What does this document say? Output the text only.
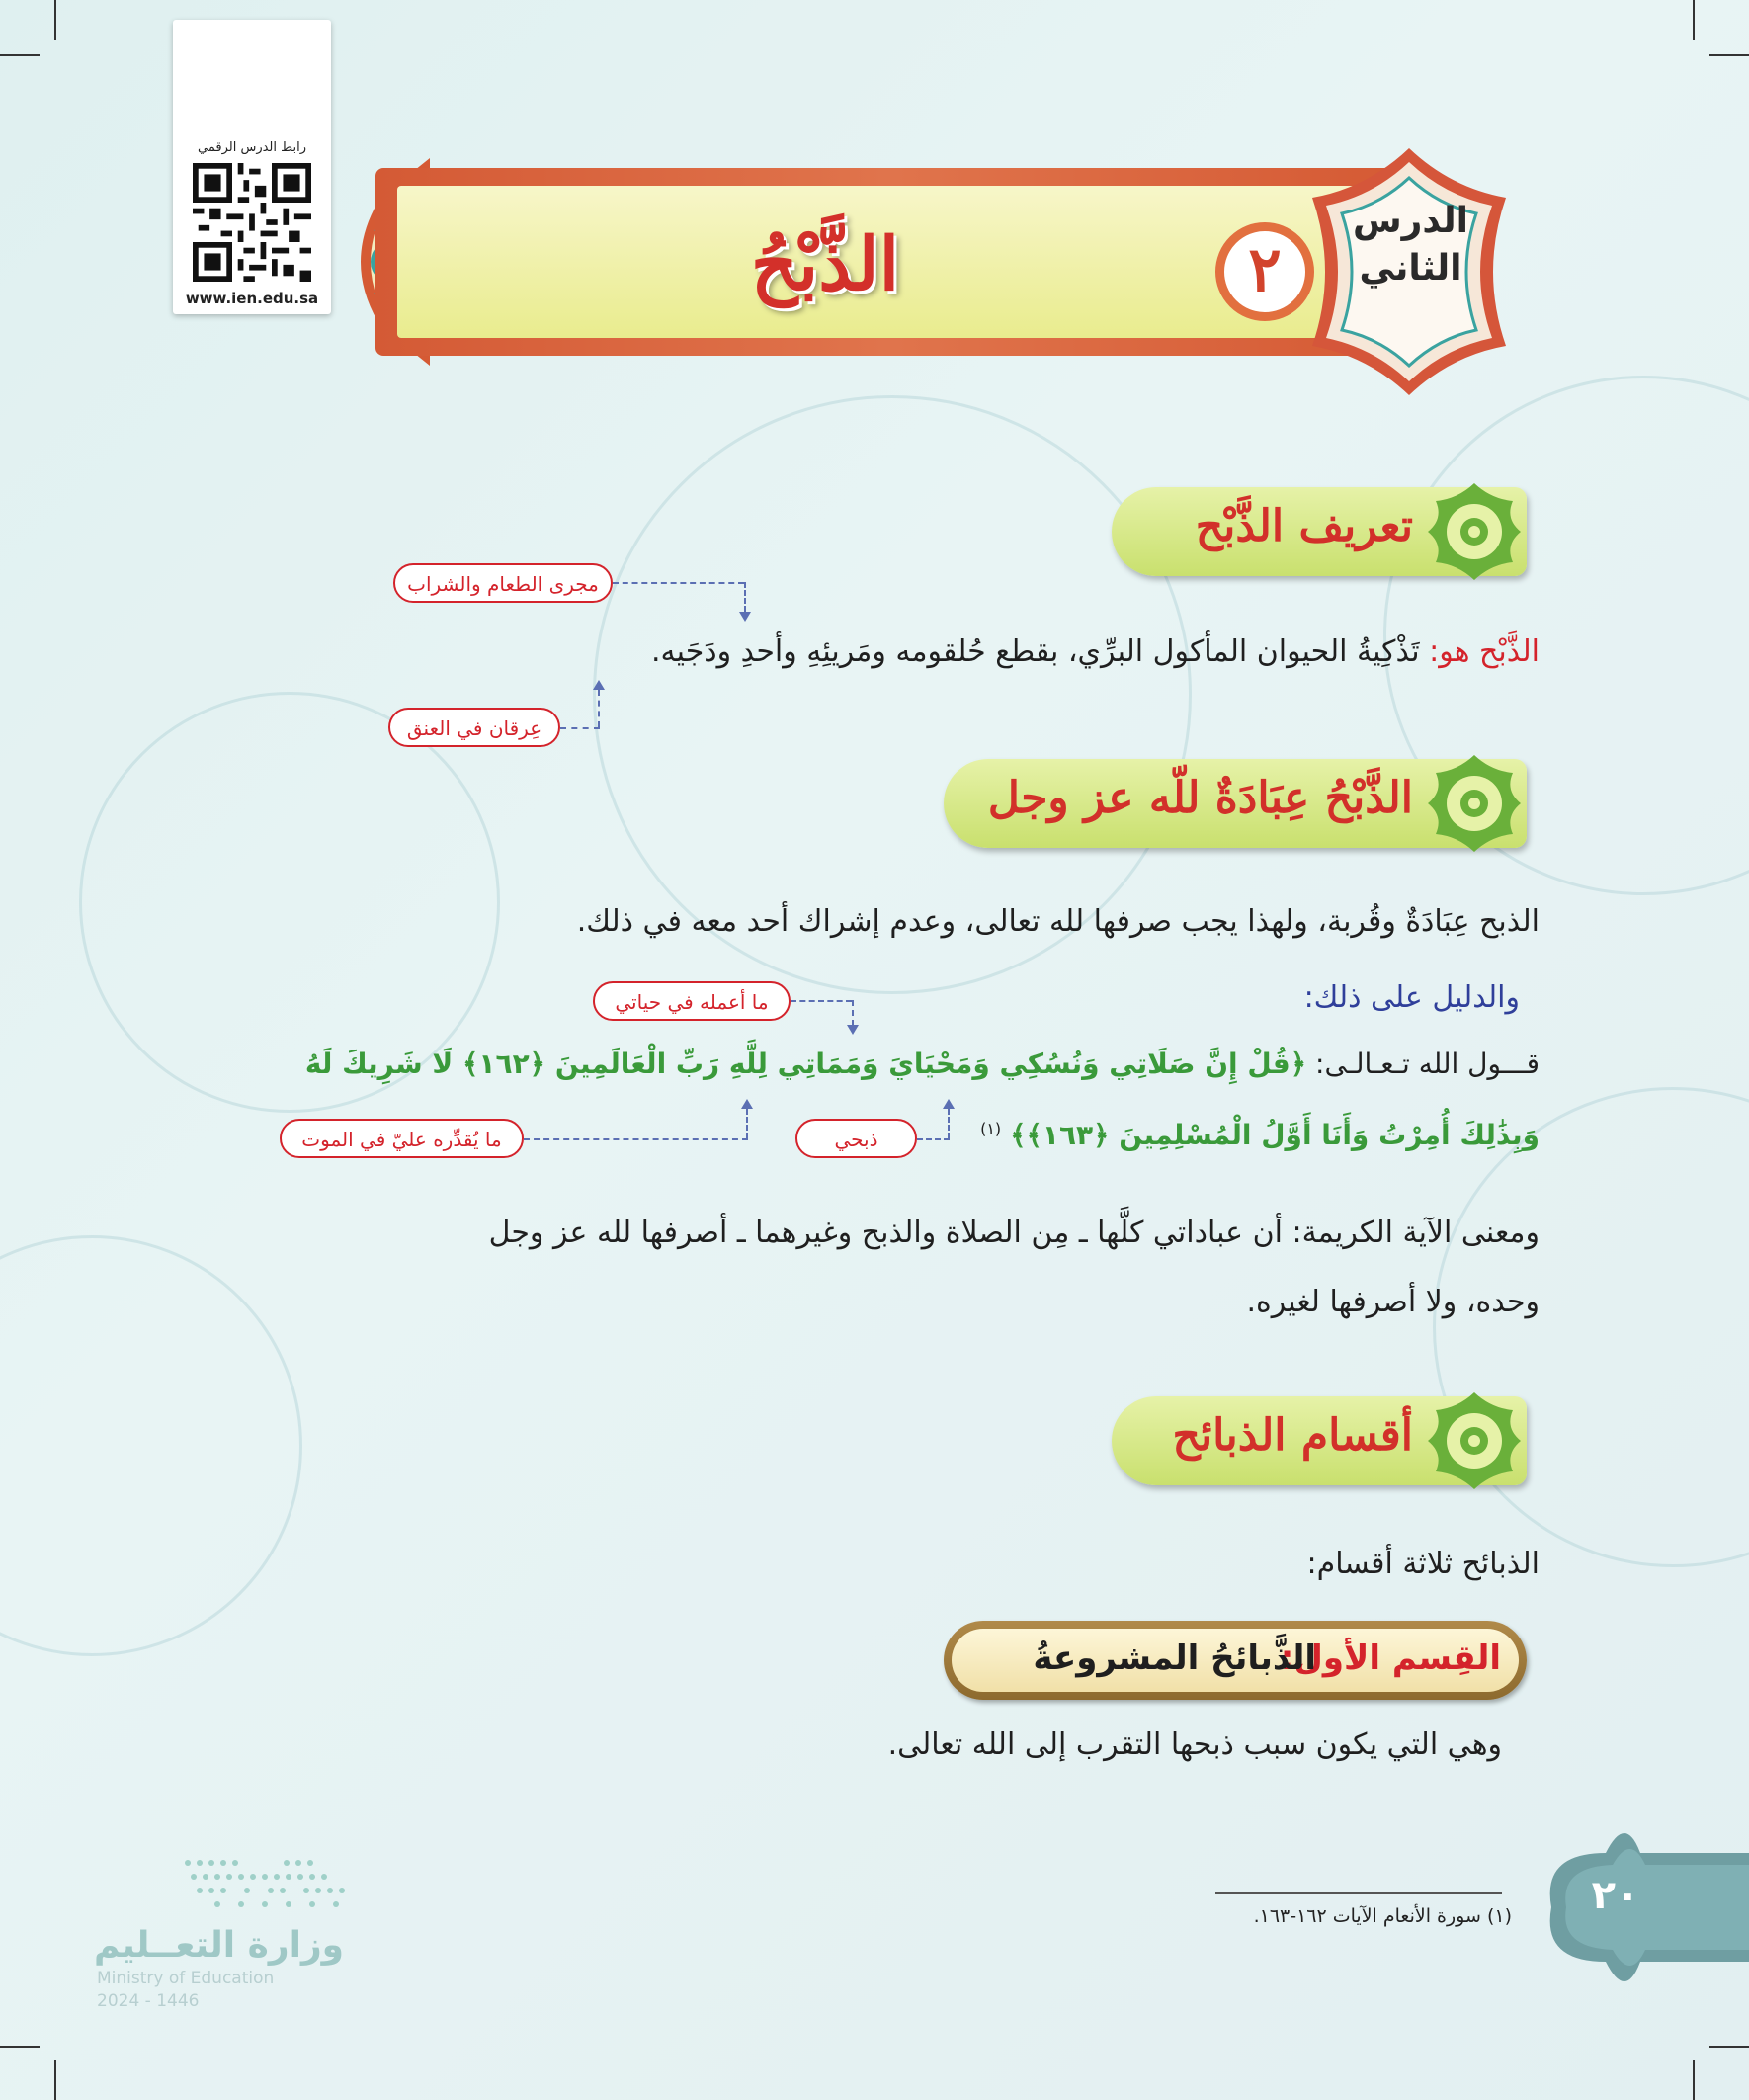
رابط الدرس الرقمي
www.ien.edu.sa	الذَّبْحُ	٢
الدرس
الثاني
تعريف الذَّبْح
مجرى الطعام والشراب
الذَّبْح هو: تَذْكِيةُ الحيوان المأكول البرِّي، بقطع حُلقومه ومَريئِهِ وأحدِ ودَجَيه.
عِرقان في العنق
الذَّبْحُ عِبَادَةٌ للّه عز وجل
الذبح عِبَادَةٌ وقُربة، ولهذا يجب صرفها لله تعالى، وعدم إشراك أحد معه في ذلك.
ما أعمله في حياتي	والدليل على ذلك:
قـــول الله تـعـالـى: ﴿قُلْ إِنَّ صَلَاتِي وَنُسُكِي وَمَحْيَايَ وَمَمَاتِي لِلَّهِ رَبِّ الْعَالَمِينَ ﴿١٦٢﴾ لَا شَرِيكَ لَهُ
ما يُقدِّره عليّ في الموت	ذبحي	وَبِذَٰلِكَ أُمِرْتُ وَأَنَا أَوَّلُ الْمُسْلِمِينَ ﴿١٦٣﴾﴾ $^{(١)}$
ومعنى الآية الكريمة: أن عباداتي كلَّها ـ مِن الصلاة والذبح وغيرهما ـ أصرفها لله عز وجل
وحده، ولا أصرفها لغيره.
أقسام الذبائح
الذبائح ثلاثة أقسام:
القِسم الأول:
الذَّبائحُ المشروعةُ
وهي التي يكون سبب ذبحها التقرب إلى الله تعالى.
(١) سورة الأنعام الآيات ١٦٢-١٦٣.	٢٠
وزارة التعــليم
Ministry of Education
2024 - 1446
